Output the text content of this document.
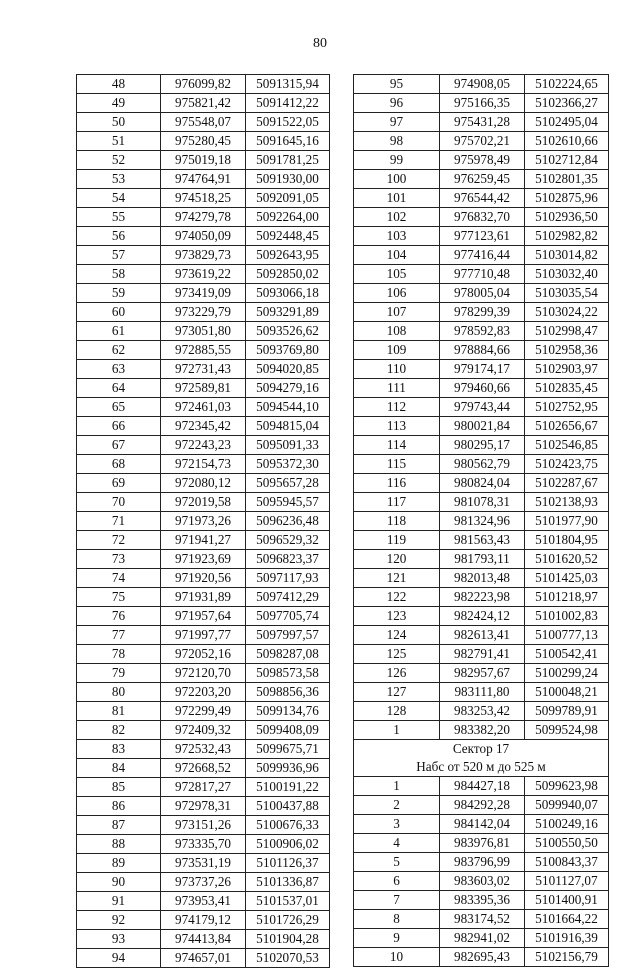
80
48	976099,82	5091315,94
49	975821,42	5091412,22
50	975548,07	5091522,05
51	975280,45	5091645,16
52	975019,18	5091781,25
53	974764,91	5091930,00
54	974518,25	5092091,05
55	974279,78	5092264,00
56	974050,09	5092448,45
57	973829,73	5092643,95
58	973619,22	5092850,02
59	973419,09	5093066,18
60	973229,79	5093291,89
61	973051,80	5093526,62
62	972885,55	5093769,80
63	972731,43	5094020,85
64	972589,81	5094279,16
65	972461,03	5094544,10
66	972345,42	5094815,04
67	972243,23	5095091,33
68	972154,73	5095372,30
69	972080,12	5095657,28
70	972019,58	5095945,57
71	971973,26	5096236,48
72	971941,27	5096529,32
73	971923,69	5096823,37
74	971920,56	5097117,93
75	971931,89	5097412,29
76	971957,64	5097705,74
77	971997,77	5097997,57
78	972052,16	5098287,08
79	972120,70	5098573,58
80	972203,20	5098856,36
81	972299,49	5099134,76
82	972409,32	5099408,09
83	972532,43	5099675,71
84	972668,52	5099936,96
85	972817,27	5100191,22
86	972978,31	5100437,88
87	973151,26	5100676,33
88	973335,70	5100906,02
89	973531,19	5101126,37
90	973737,26	5101336,87
91	973953,41	5101537,01
92	974179,12	5101726,29
93	974413,84	5101904,28
94	974657,01	5102070,53
95	974908,05	5102224,65
96	975166,35	5102366,27
97	975431,28	5102495,04
98	975702,21	5102610,66
99	975978,49	5102712,84
100	976259,45	5102801,35
101	976544,42	5102875,96
102	976832,70	5102936,50
103	977123,61	5102982,82
104	977416,44	5103014,82
105	977710,48	5103032,40
106	978005,04	5103035,54
107	978299,39	5103024,22
108	978592,83	5102998,47
109	978884,66	5102958,36
110	979174,17	5102903,97
111	979460,66	5102835,45
112	979743,44	5102752,95
113	980021,84	5102656,67
114	980295,17	5102546,85
115	980562,79	5102423,75
116	980824,04	5102287,67
117	981078,31	5102138,93
118	981324,96	5101977,90
119	981563,43	5101804,95
120	981793,11	5101620,52
121	982013,48	5101425,03
122	982223,98	5101218,97
123	982424,12	5101002,83
124	982613,41	5100777,13
125	982791,41	5100542,41
126	982957,67	5100299,24
127	983111,80	5100048,21
128	983253,42	5099789,91
1	983382,20	5099524,98

Сектор 17
Набс от 520 м до 525 м		

1	984427,18	5099623,98
2	984292,28	5099940,07
3	984142,04	5100249,16
4	983976,81	5100550,50
5	983796,99	5100843,37
6	983603,02	5101127,07
7	983395,36	5101400,91
8	983174,52	5101664,22
9	982941,02	5101916,39
10	982695,43	5102156,79
